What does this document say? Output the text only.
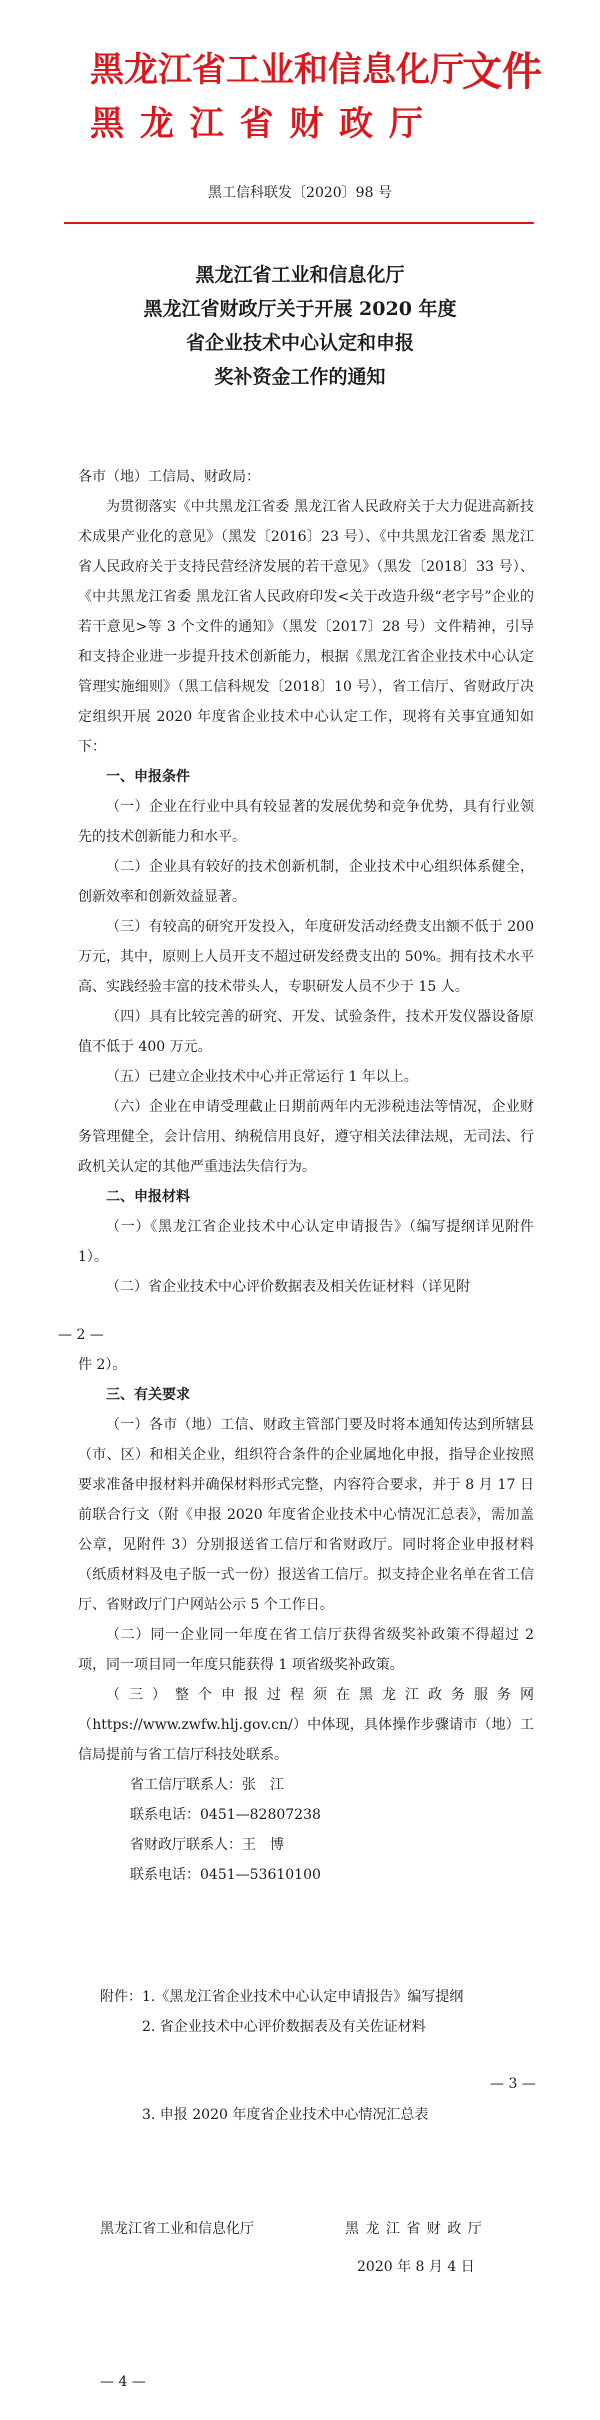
黑龙江省工业和信息化厅
黑 龙 江 省 财 政 厅
文件
黑工信科联发〔2020〕98 号
黑龙江省工业和信息化厅
黑龙江省财政厅关于开展 2020 年度
省企业技术中心认定和申报
奖补资金工作的通知

各市（地）工信局、财政局：

为贯彻落实《中共黑龙江省委 黑龙江省人民政府关于大力促进高新技术成果产业化的意见》（黑发〔2016〕23 号）、《中共黑龙江省委 黑龙江省人民政府关于支持民营经济发展的若干意见》（黑发〔2018〕33 号）、《中共黑龙江省委 黑龙江省人民政府印发<关于改造升级“老字号”企业的若干意见>等 3 个文件的通知》（黑发〔2017〕28 号）文件精神，引导和支持企业进一步提升技术创新能力，根据《黑龙江省企业技术中心认定管理实施细则》（黑工信科规发〔2018〕10 号），省工信厅、省财政厅决定组织开展 2020 年度省企业技术中心认定工作，现将有关事宜通知如下：

一、申报条件

（一）企业在行业中具有较显著的发展优势和竞争优势，具有行业领先的技术创新能力和水平。

（二）企业具有较好的技术创新机制，企业技术中心组织体系健全，创新效率和创新效益显著。

（三）有较高的研究开发投入，年度研发活动经费支出额不低于 200 万元，其中，原则上人员开支不超过研发经费支出的 50%。拥有技术水平高、实践经验丰富的技术带头人，专职研发人员不少于 15 人。

（四）具有比较完善的研究、开发、试验条件，技术开发仪器设备原值不低于 400 万元。

（五）已建立企业技术中心并正常运行 1 年以上。

（六）企业在申请受理截止日期前两年内无涉税违法等情况，企业财务管理健全，会计信用、纳税信用良好，遵守相关法律法规，无司法、行政机关认定的其他严重违法失信行为。

二、申报材料

（一）《黑龙江省企业技术中心认定申请报告》（编写提纲详见附件 1）。

（二）省企业技术中心评价数据表及相关佐证材料（详见附

— 2 —

件 2）。

三、有关要求

（一）各市（地）工信、财政主管部门要及时将本通知传达到所辖县（市、区）和相关企业，组织符合条件的企业属地化申报，指导企业按照要求准备申报材料并确保材料形式完整，内容符合要求，并于 8 月 17 日前联合行文（附《申报 2020 年度省企业技术中心情况汇总表》，需加盖公章，见附件 3）分别报送省工信厅和省财政厅。同时将企业申报材料（纸质材料及电子版一式一份）报送省工信厅。拟支持企业名单在省工信厅、省财政厅门户网站公示 5 个工作日。

（二）同一企业同一年度在省工信厅获得省级奖补政策不得超过 2 项，同一项目同一年度只能获得 1 项省级奖补政策。

（三）整个申报过程须在黑龙江政务服务网（https://www.zwfw.hlj.gov.cn/）中体现，具体操作步骤请市（地）工信局提前与省工信厅科技处联系。

省工信厅联系人：张　江

联系电话：0451—82807238

省财政厅联系人：王　博

联系电话：0451—53610100

附件：1.《黑龙江省企业技术中心认定申请报告》编写提纲

2. 省企业技术中心评价数据表及有关佐证材料

— 3 —
3. 申报 2020 年度省企业技术中心情况汇总表
黑龙江省工业和信息化厅	黑 龙 江 省 财 政 厅
2020 年 8 月 4 日
— 4 —
